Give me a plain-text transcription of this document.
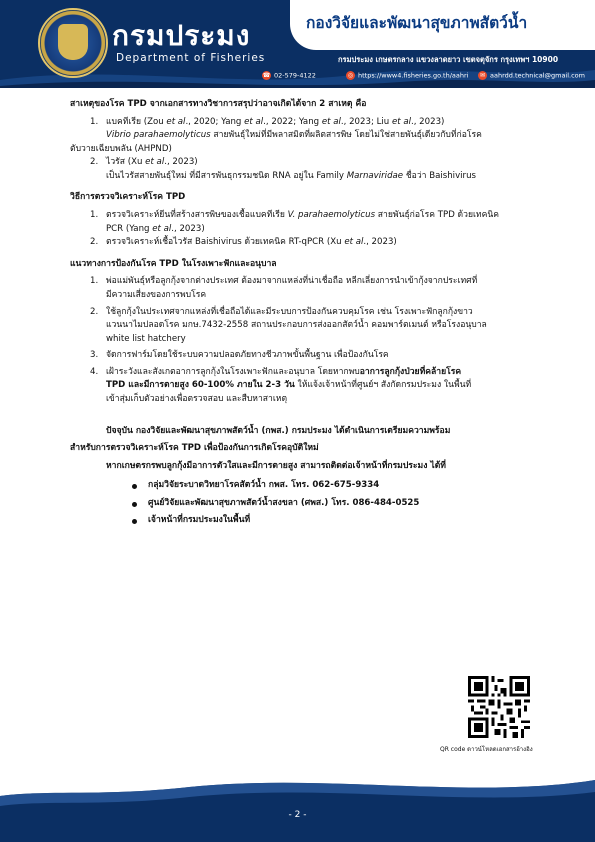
กรมประมง
Department of Fisheries
กองวิจัยและพัฒนาสุขภาพสัตว์น้ำ
กรมประมง เกษตรกลาง แขวงลาดยาว เขตจตุจักร กรุงเทพฯ 10900
☎ 02-579-4122	◎ https://www4.fisheries.go.th/aahri	✉ aahrdd.technical@gmail.com
สาเหตุของโรค TPD จากเอกสารทางวิชาการสรุปว่าอาจเกิดได้จาก 2 สาเหตุ คือ
1. แบคทีเรีย (Zou et al., 2020; Yang et al., 2022; Yang et al., 2023; Liu et al., 2023)
Vibrio parahaemolyticus สายพันธุ์ใหม่ที่มีพลาสมิดที่ผลิตสารพิษ โดยไม่ใช่สายพันธุ์เดียวกับที่ก่อโรค
ตับวายเฉียบพลัน (AHPND)
2. ไวรัส (Xu et al., 2023)
เป็นไวรัสสายพันธุ์ใหม่ ที่มีสารพันธุกรรมชนิด RNA อยู่ใน Family Marnaviridae ชื่อว่า Baishivirus
วิธีการตรวจวิเคราะห์โรค TPD
1. ตรวจวิเคราะห์ยีนที่สร้างสารพิษของเชื้อแบคทีเรีย V. parahaemolyticus สายพันธุ์ก่อโรค TPD ด้วยเทคนิค
PCR (Yang et al., 2023)
2. ตรวจวิเคราะห์เชื้อไวรัส Baishivirus ด้วยเทคนิค RT-qPCR (Xu et al., 2023)
แนวทางการป้องกันโรค TPD ในโรงเพาะฟักและอนุบาล
1. พ่อแม่พันธุ์หรือลูกกุ้งจากต่างประเทศ ต้องมาจากแหล่งที่น่าเชื่อถือ หลีกเลี่ยงการนำเข้ากุ้งจากประเทศที่
มีความเสี่ยงของการพบโรค
2. ใช้ลูกกุ้งในประเทศจากแหล่งที่เชื่อถือได้และมีระบบการป้องกันควบคุมโรค เช่น โรงเพาะฟักลูกกุ้งขาว
แวนนาไมปลอดโรค มกษ.7432-2558 สถานประกอบการส่งออกสัตว์น้ำ คอมพาร์ตเมนต์ หรือโรงอนุบาล
white list hatchery
3. จัดการฟาร์มโดยใช้ระบบความปลอดภัยทางชีวภาพขั้นพื้นฐาน เพื่อป้องกันโรค
4. เฝ้าระวังและสังเกตอาการลูกกุ้งในโรงเพาะฟักและอนุบาล โดยหากพบอาการลูกกุ้งป่วยที่คล้ายโรค
TPD และมีการตายสูง 60-100% ภายใน 2-3 วัน ให้แจ้งเจ้าหน้าที่ศูนย์ฯ สังกัดกรมประมง ในพื้นที่
เข้าสุ่มเก็บตัวอย่างเพื่อตรวจสอบ และสืบหาสาเหตุ
ปัจจุบัน กองวิจัยและพัฒนาสุขภาพสัตว์น้ำ (กพส.) กรมประมง ได้ดำเนินการเตรียมความพร้อม
สำหรับการตรวจวิเคราะห์โรค TPD เพื่อป้องกันการเกิดโรคอุบัติใหม่
หากเกษตรกรพบลูกกุ้งมีอาการตัวใสและมีการตายสูง สามารถติดต่อเจ้าหน้าที่กรมประมง ได้ที่
กลุ่มวิจัยระบาดวิทยาโรคสัตว์น้ำ กพส. โทร. 062-675-9334
ศูนย์วิจัยและพัฒนาสุขภาพสัตว์น้ำสงขลา (ศพส.) โทร. 086-484-0525
เจ้าหน้าที่กรมประมงในพื้นที่
QR code ดาวน์โหลดเอกสารอ้างอิง
- 2 -
